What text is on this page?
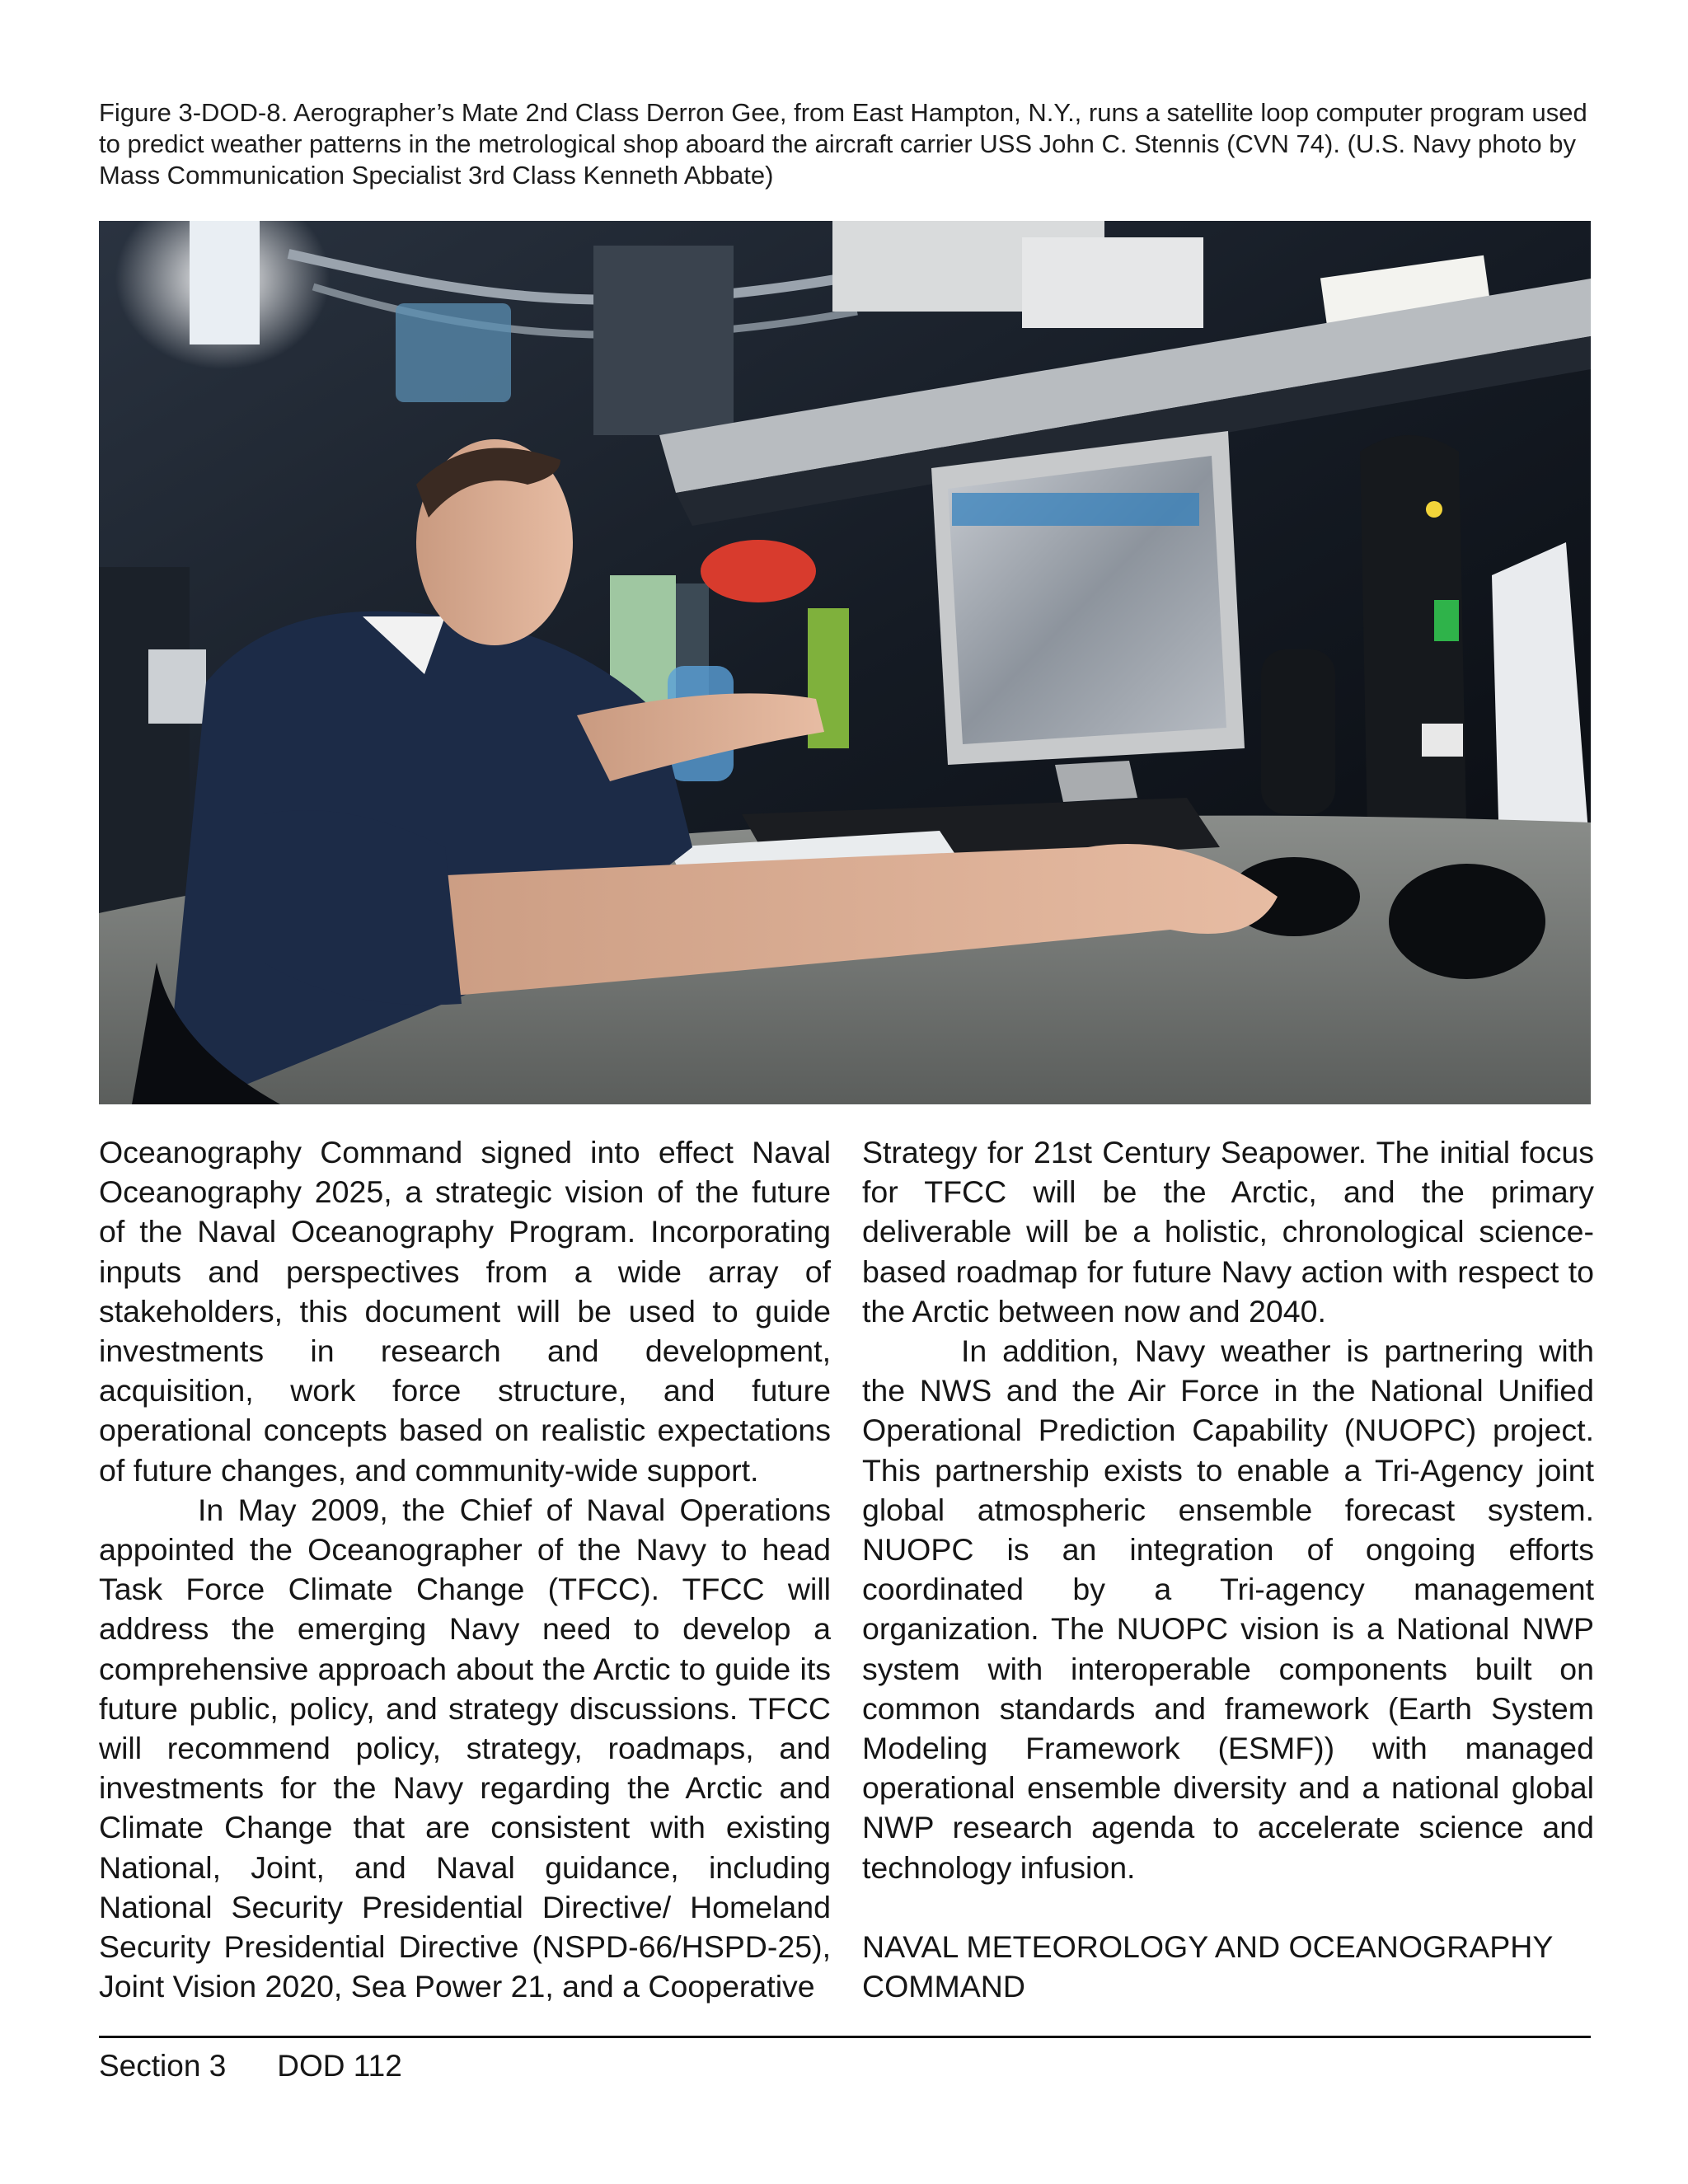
Figure 3-DOD-8. Aerographer’s Mate 2nd Class Derron Gee, from East Hampton, N.Y., runs a satellite loop computer program used to predict weather patterns in the metrological shop aboard the aircraft carrier USS John C. Stennis (CVN 74). (U.S. Navy photo by Mass Communication Specialist 3rd Class Kenneth Abbate)

Oceanography Command signed into effect Naval Oceanography 2025, a strategic vision of the future of the Naval Oceanography Program. Incorporating inputs and perspectives from a wide array of stakeholders, this document will be used to guide investments in research and development, acquisition, work force structure, and future operational concepts based on realistic expectations of future changes, and community-wide support.

In May 2009, the Chief of Naval Operations appointed the Oceanographer of the Navy to head Task Force Climate Change (TFCC). TFCC will address the emerging Navy need to develop a comprehensive approach about the Arctic to guide its future public, policy, and strategy discussions. TFCC will recommend policy, strategy, roadmaps, and investments for the Navy regarding the Arctic and Climate Change that are consistent with existing National, Joint, and Naval guidance, including National Security Presidential Directive/ Homeland Security Presidential Directive (NSPD-66/HSPD-25), Joint Vision 2020, Sea Power 21, and a Cooperative

Strategy for 21st Century Seapower. The initial focus for TFCC will be the Arctic, and the primary deliverable will be a holistic, chronological science-based roadmap for future Navy action with respect to the Arctic between now and 2040.

In addition, Navy weather is partnering with the NWS and the Air Force in the National Unified Operational Prediction Capability (NUOPC) project. This partnership exists to enable a Tri-Agency joint global atmospheric ensemble forecast system. NUOPC is an integration of ongoing efforts coordinated by a Tri-agency management organization. The NUOPC vision is a National NWP system with interoperable components built on common standards and framework (Earth System Modeling Framework (ESMF)) with managed operational ensemble diversity and a national global NWP research agenda to accelerate science and technology infusion.

NAVAL METEOROLOGY AND OCEANOGRAPHY COMMAND

Section 3 DOD 112
